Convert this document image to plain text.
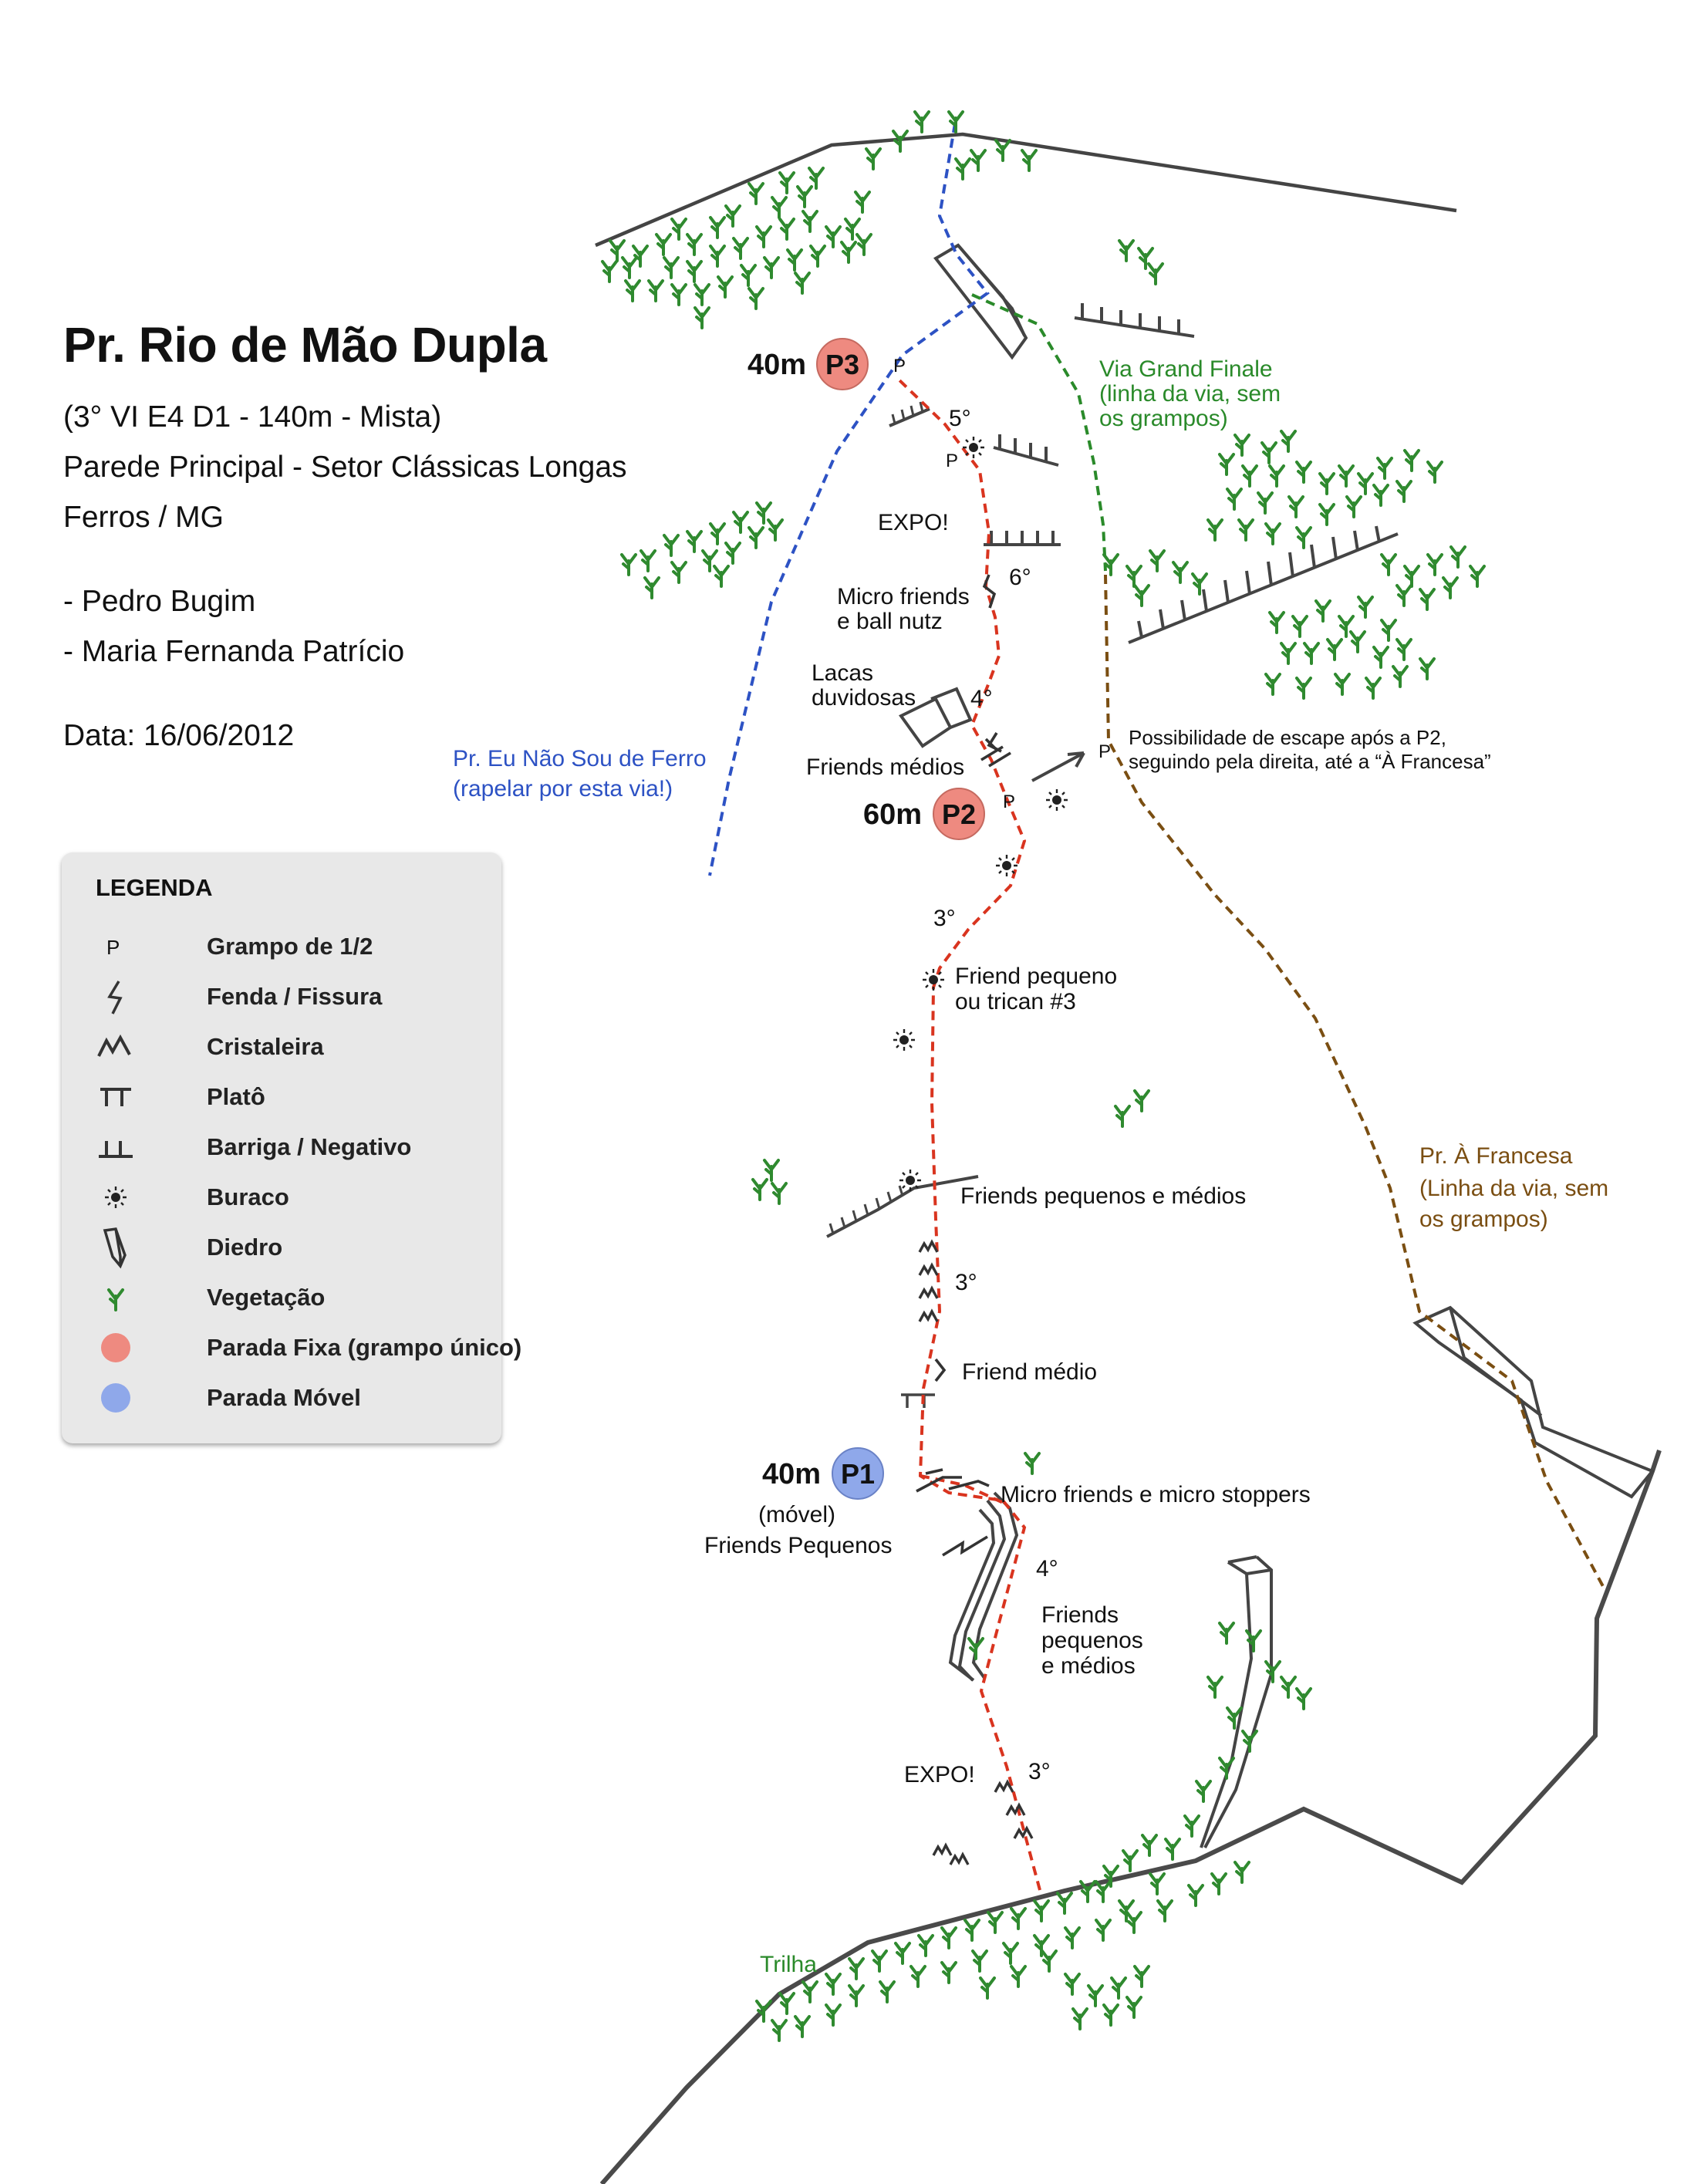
P
P
P
P
P3
40m
P2
60m
P1
40m
(móvel)
Friends Pequenos
5°
6°
4°
3°
3°
4°
3°
EXPO!
EXPO!
Micro friends
e ball nutz
Lacas
duvidosas
Friends médios
Friend pequeno
ou trican #3
Friends pequenos e médios
Friend médio
Micro friends e micro stoppers
Friends
pequenos
e médios
Possibilidade de escape após a P2,
seguindo pela direita, até a “À Francesa”
Trilha
Pr. Eu Não Sou de Ferro
(rapelar por esta via!)
Via Grand Finale
(linha da via, sem
os grampos)
Pr. À Francesa
(Linha da via, sem
os grampos)
Pr. Rio de Mão Dupla
(3° VI E4 D1 - 140m - Mista)
Parede Principal - Setor Clássicas Longas
Ferros / MG
- Pedro Bugim
- Maria Fernanda Patrício
Data: 16/06/2012
LEGENDA
P	Grampo de 1/2
Fenda / Fissura
Cristaleira
Platô
Barriga / Negativo
Buraco
Diedro
Vegetação
Parada Fixa (grampo único)
Parada Móvel
